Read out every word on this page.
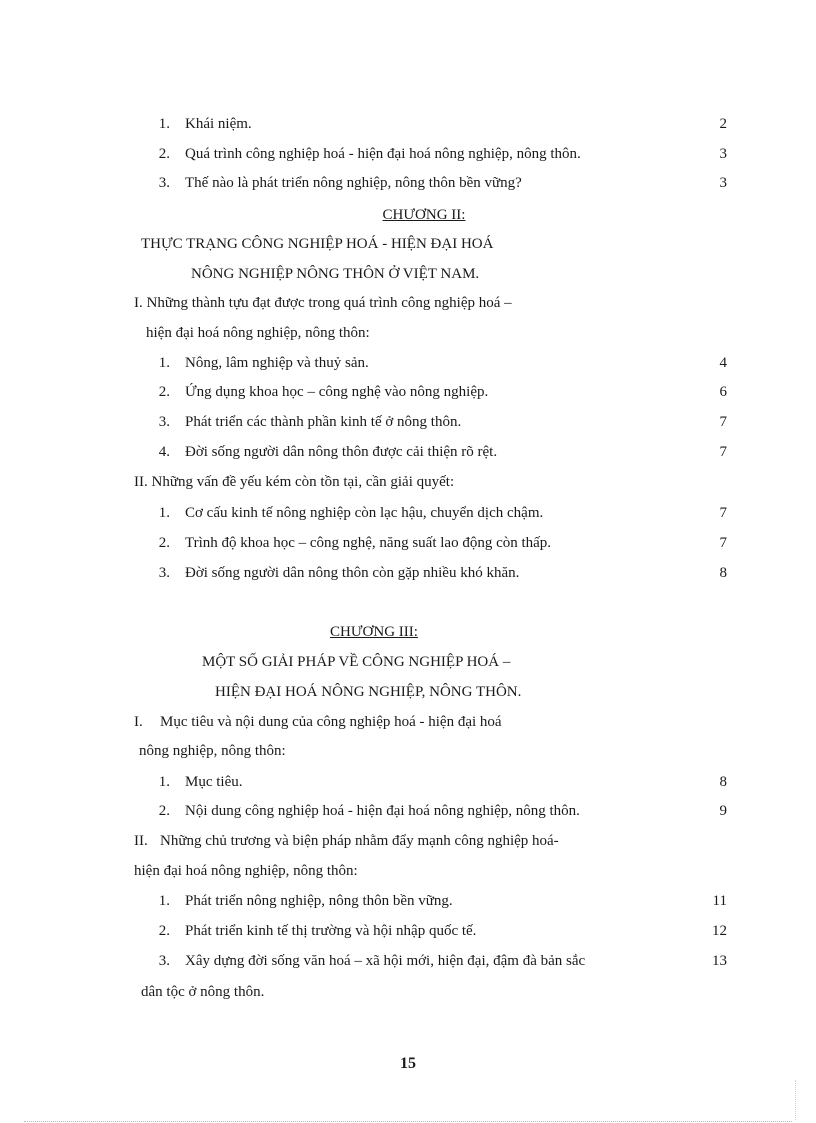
1. Khái niệm.	2
2. Quá trình công nghiệp hoá - hiện đại hoá nông nghiệp, nông thôn.	3
3. Thế nào là phát triển nông nghiệp, nông thôn bền vững?	3
CHƯƠNG II:
THỰC TRẠNG CÔNG NGHIỆP HOÁ - HIỆN ĐẠI HOÁ
NÔNG NGHIỆP NÔNG THÔN Ở VIỆT NAM.
I. Những thành tựu đạt được trong quá trình công nghiệp hoá –
hiện đại hoá nông nghiệp, nông thôn:
1. Nông, lâm nghiệp và thuỷ sản.	4
2. Ứng dụng khoa học – công nghệ vào nông nghiệp.	6
3. Phát triển các thành phần kinh tế ở nông thôn.	7
4. Đời sống người dân nông thôn được cải thiện rõ rệt.	7
II. Những vấn đề yếu kém còn tồn tại, cần giải quyết:
1. Cơ cấu kinh tế nông nghiệp còn lạc hậu, chuyển dịch chậm.	7
2. Trình độ khoa học – công nghệ, năng suất lao động còn thấp.	7
3. Đời sống người dân nông thôn còn gặp nhiều khó khăn.	8
CHƯƠNG III:
MỘT SỐ GIẢI PHÁP VỀ CÔNG NGHIỆP HOÁ –
HIỆN ĐẠI HOÁ NÔNG NGHIỆP, NÔNG THÔN.
I. Mục tiêu và nội dung của công nghiệp hoá - hiện đại hoá
nông nghiệp, nông thôn:
1. Mục tiêu.	8
2. Nội dung công nghiệp hoá - hiện đại hoá nông nghiệp, nông thôn.	9
II. Những chủ trương và biện pháp nhằm đẩy mạnh công nghiệp hoá-
hiện đại hoá nông nghiệp, nông thôn:
1. Phát triển nông nghiệp, nông thôn bền vững.	11
2. Phát triển kinh tế thị trường và hội nhập quốc tế.	12
3. Xây dựng đời sống văn hoá – xã hội mới, hiện đại, đậm đà bản sắc	13
dân tộc ở nông thôn.
15
